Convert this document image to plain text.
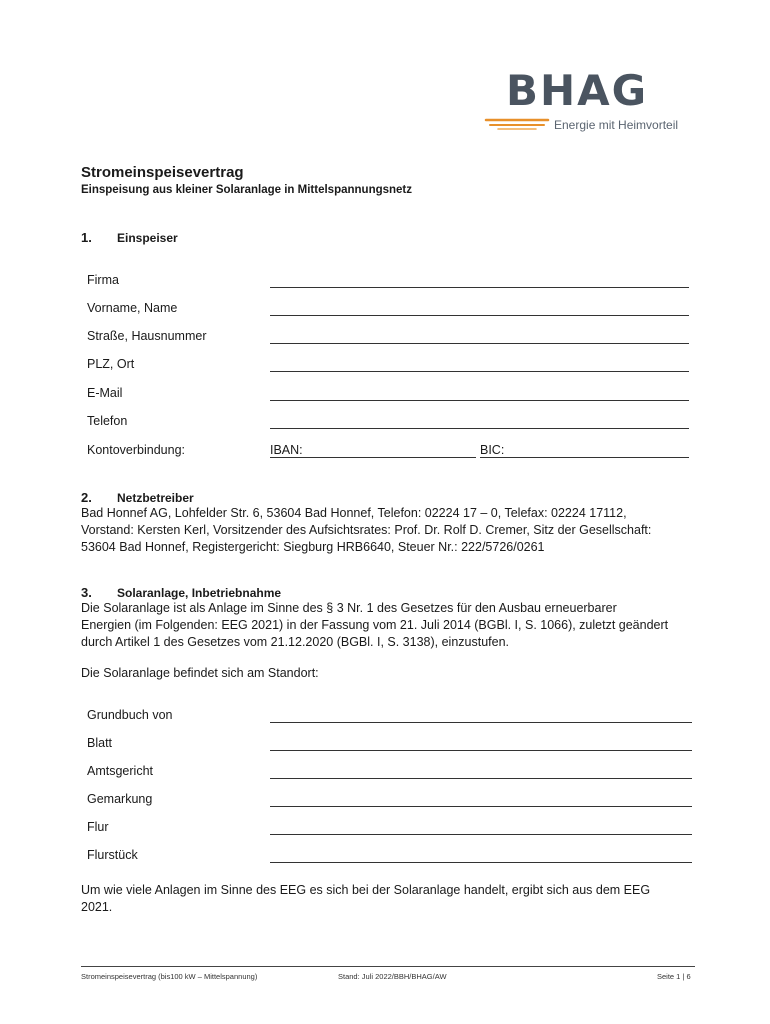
BHAG
Energie mit Heimvorteil
Stromeinspeisevertrag
Einspeisung aus kleiner Solaranlage in Mittelspannungsnetz
1. Einspeiser
Firma
Vorname, Name
Straße, Hausnummer
PLZ, Ort
E-Mail
Telefon
Kontoverbindung:	IBAN:	BIC:
2. Netzbetreiber
Bad Honnef AG, Lohfelder Str. 6, 53604 Bad Honnef, Telefon: 02224 17 – 0, Telefax: 02224 17112,
Vorstand: Kersten Kerl, Vorsitzender des Aufsichtsrates: Prof. Dr. Rolf D. Cremer, Sitz der Gesellschaft:
53604 Bad Honnef, Registergericht: Siegburg HRB6640, Steuer Nr.: 222/5726/0261
3. Solaranlage, Inbetriebnahme
Die Solaranlage ist als Anlage im Sinne des § 3 Nr. 1 des Gesetzes für den Ausbau erneuerbarer
Energien (im Folgenden: EEG 2021) in der Fassung vom 21. Juli 2014 (BGBl. I, S. 1066), zuletzt geändert
durch Artikel 1 des Gesetzes vom 21.12.2020 (BGBl. I, S. 3138), einzustufen.
Die Solaranlage befindet sich am Standort:
Grundbuch von
Blatt
Amtsgericht
Gemarkung
Flur
Flurstück
Um wie viele Anlagen im Sinne des EEG es sich bei der Solaranlage handelt, ergibt sich aus dem EEG
2021.
Stromeinspeisevertrag (bis100 kW – Mittelspannung)	Stand: Juli 2022/BBH/BHAG/AW	Seite 1 | 6
